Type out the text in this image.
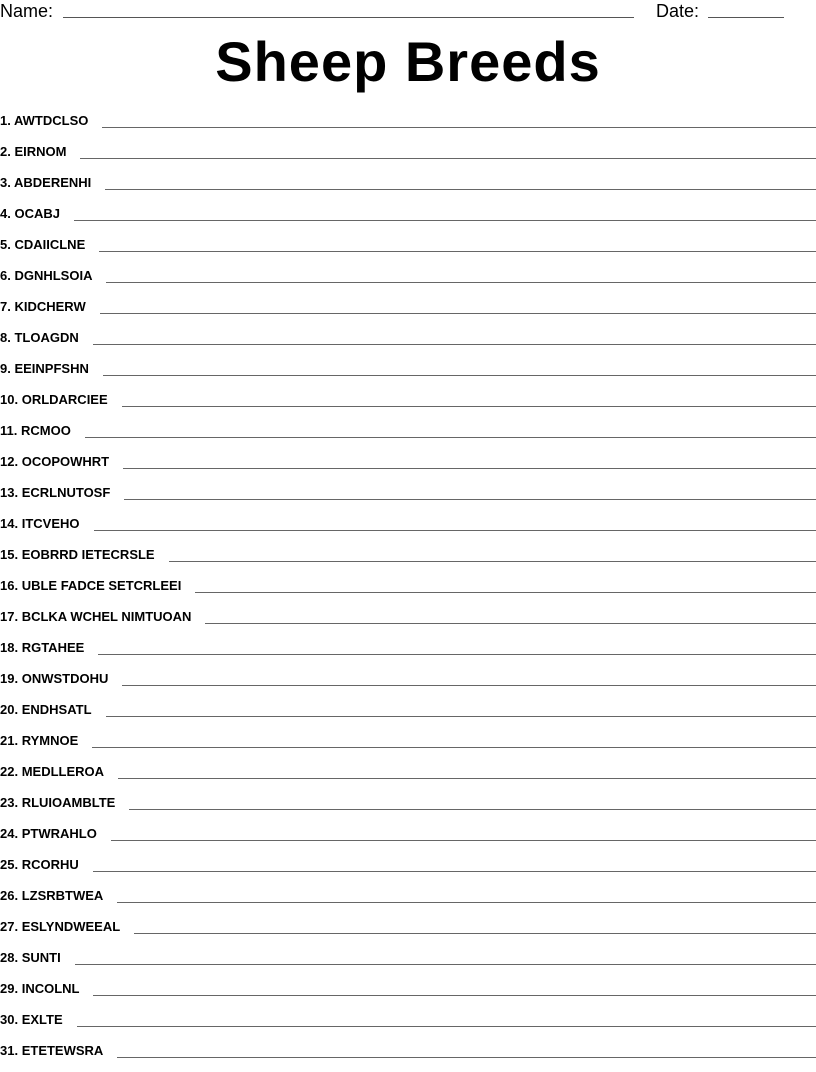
Name:	Date:
Sheep Breeds
1. AWTDCLSO
2. EIRNOM
3. ABDERENHI
4. OCABJ
5. CDAIICLNE
6. DGNHLSOIA
7. KIDCHERW
8. TLOAGDN
9. EEINPFSHN
10. ORLDARCIEE
11. RCMOO
12. OCOPOWHRT
13. ECRLNUTOSF
14. ITCVEHO
15. EOBRRD IETECRSLE
16. UBLE FADCE SETCRLEEI
17. BCLKA WCHEL NIMTUOAN
18. RGTAHEE
19. ONWSTDOHU
20. ENDHSATL
21. RYMNOE
22. MEDLLEROA
23. RLUIOAMBLTE
24. PTWRAHLO
25. RCORHU
26. LZSRBTWEA
27. ESLYNDWEEAL
28. SUNTI
29. INCOLNL
30. EXLTE
31. ETETEWSRA
